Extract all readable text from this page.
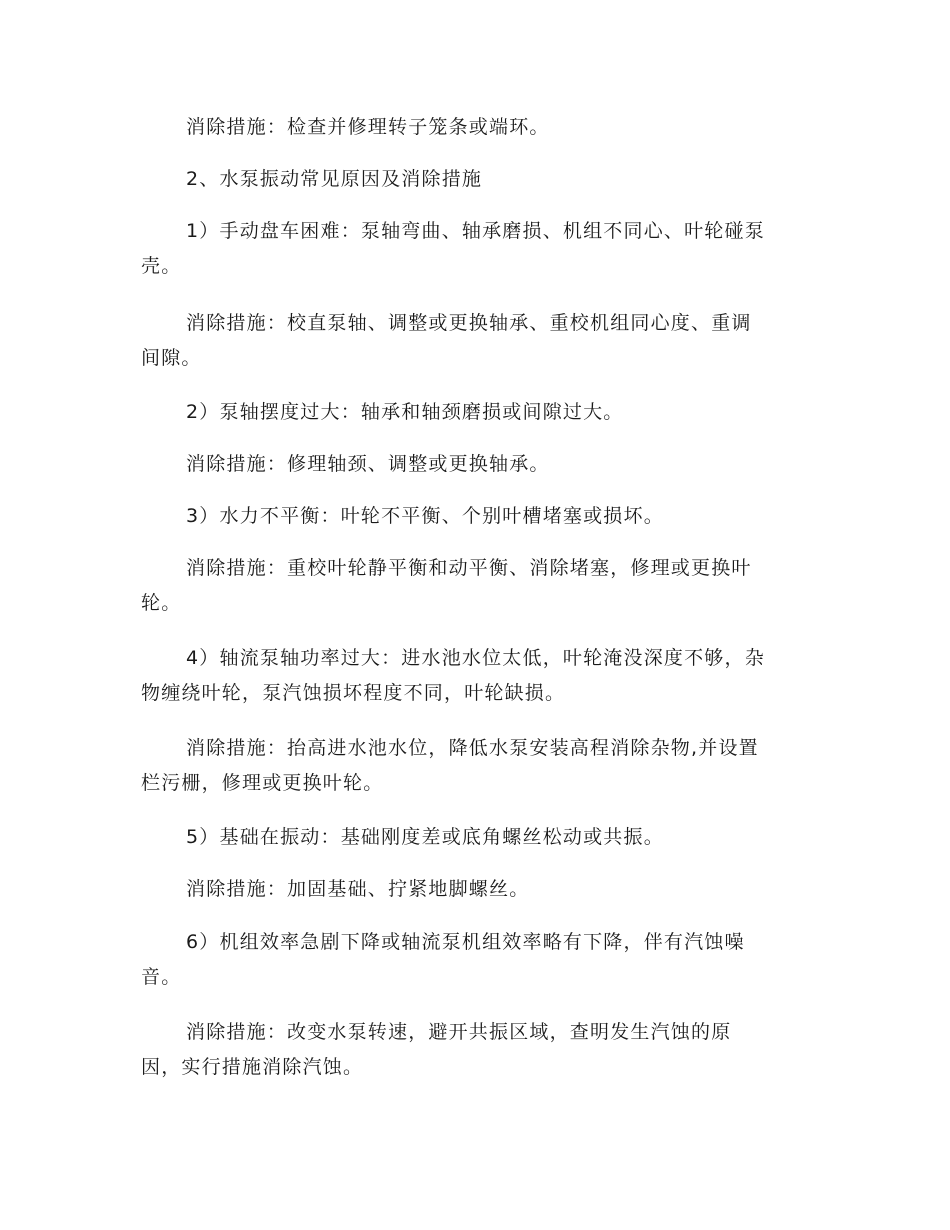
消除措施：检查并修理转子笼条或端环。

2、水泵振动常见原因及消除措施

1）手动盘车困难：泵轴弯曲、轴承磨损、机组不同心、叶轮碰泵
壳。

消除措施：校直泵轴、调整或更换轴承、重校机组同心度、重调
间隙。

2）泵轴摆度过大：轴承和轴颈磨损或间隙过大。

消除措施：修理轴颈、调整或更换轴承。

3）水力不平衡：叶轮不平衡、个别叶槽堵塞或损坏。

消除措施：重校叶轮静平衡和动平衡、消除堵塞，修理或更换叶
轮。

4）轴流泵轴功率过大：进水池水位太低，叶轮淹没深度不够，杂
物缠绕叶轮，泵汽蚀损坏程度不同，叶轮缺损。

消除措施：抬高进水池水位，降低水泵安装高程消除杂物,并设置
栏污栅，修理或更换叶轮。

5）基础在振动：基础刚度差或底角螺丝松动或共振。

消除措施：加固基础、拧紧地脚螺丝。

6）机组效率急剧下降或轴流泵机组效率略有下降，伴有汽蚀噪
音。

消除措施：改变水泵转速，避开共振区域，查明发生汽蚀的原
因，实行措施消除汽蚀。
